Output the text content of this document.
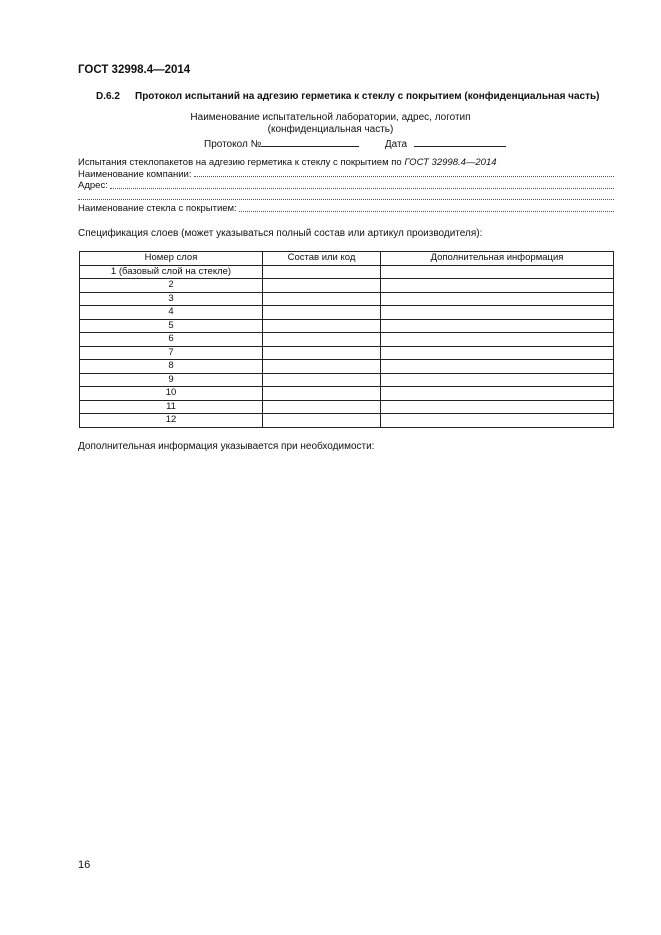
ГОСТ 32998.4—2014
D.6.2 Протокол испытаний на адгезию герметика к стеклу с покрытием (конфиденциальная часть)
Наименование испытательной лаборатории, адрес, логотип
(конфиденциальная часть)
Протокол №	Дата
Испытания стеклопакетов на адгезию герметика к стеклу с покрытием по
ГОСТ 32998.4—2014
Наименование компании:
Адрес:
Наименование стекла с покрытием:
Спецификация слоев (может указываться полный состав или артикул производителя):
Номер слоя	Состав или код	Дополнительная информация
1 (базовый слой на стекле)		
2		
3		
4		
5		
6		
7		
8		
9		
10		
11		
12		
Дополнительная информация указывается при необходимости:
16
